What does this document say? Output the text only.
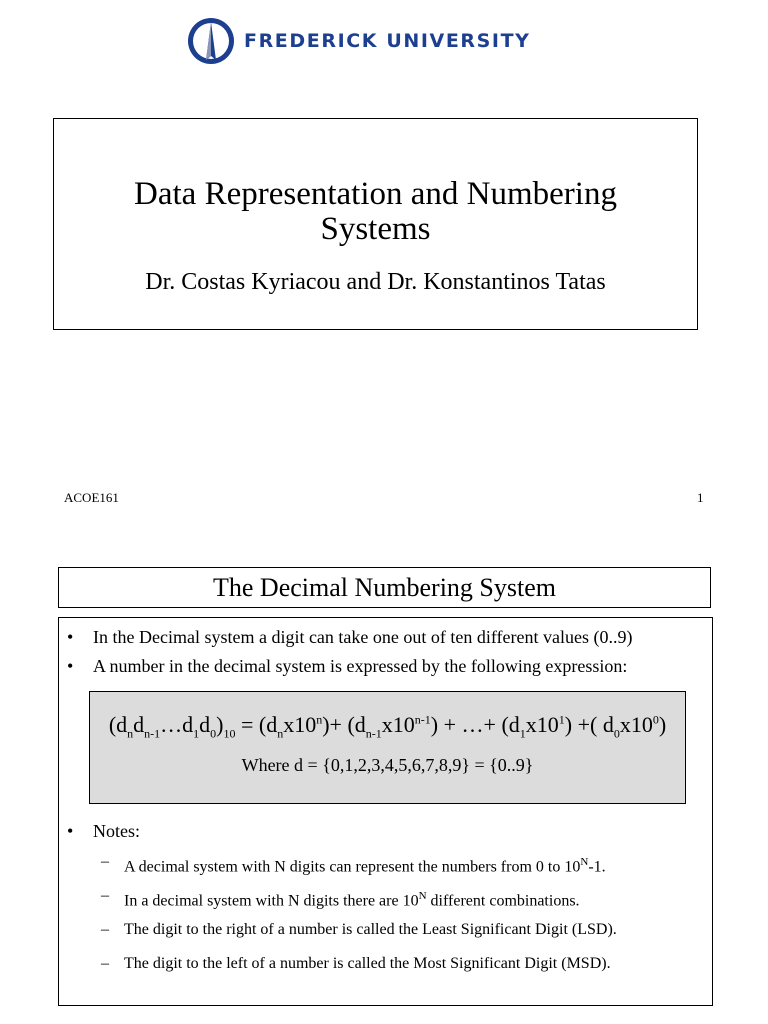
FREDERICK UNIVERSITY
Data Representation and Numbering Systems
Dr. Costas Kyriacou and Dr. Konstantinos Tatas
ACOE161	1
The Decimal Numbering System
• In the Decimal system a digit can take one out of ten different values (0..9)
• A number in the decimal system is expressed by the following expression:
$(d_nd_{n-1}\dots d_1d_0)_{10} = (d_nx10^n)+ (d_{n-1}x10^{n-1})$ + …+ $(d_1x10^1)$ +( $d_0x10^0$)
Where d = {0,1,2,3,4,5,6,7,8,9} = {0..9}
• Notes:
– A decimal system with N digits can represent the numbers from 0 to $10^N-1$.
– In a decimal system with N digits there are $10^N$ different combinations.
– The digit to the right of a number is called the Least Significant Digit (LSD).
– The digit to the left of a number is called the Most Significant Digit (MSD).
